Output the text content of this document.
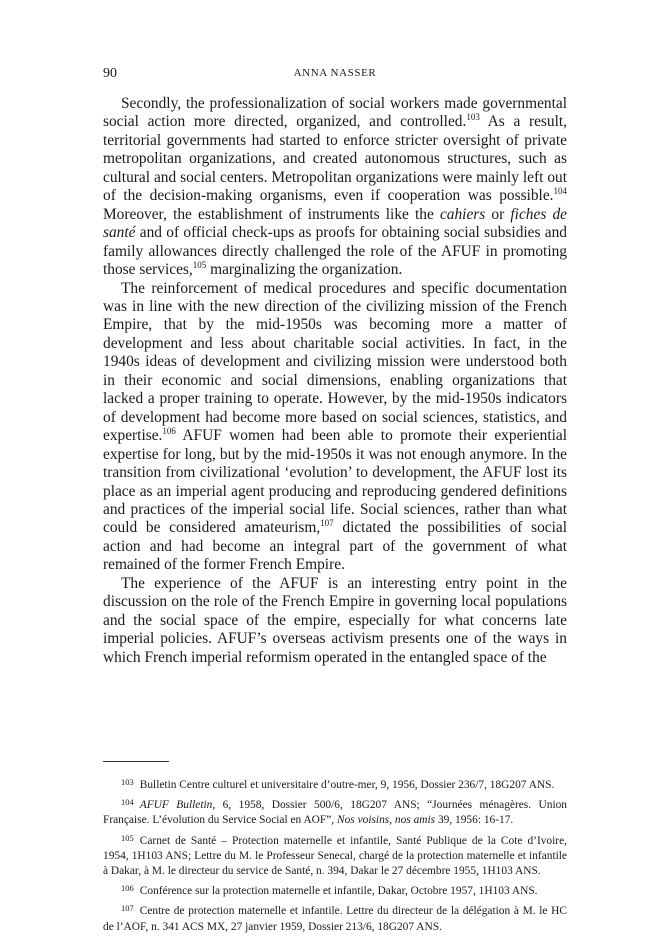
90	ANNA NASSER

Secondly, the professionalization of social workers made governmental social action more directed, organized, and controlled.$^{103}$ As a result, territorial governments had started to enforce stricter oversight of private metropolitan organizations, and created autonomous structures, such as cultural and social centers. Metropolitan organizations were mainly left out of the decision-making organisms, even if cooperation was possible.$^{104}$ Moreover, the establishment of instruments like the cahiers or fiches de santé and of official check-ups as proofs for obtaining social subsidies and family allowances directly challenged the role of the AFUF in promoting those services,$^{105}$ marginalizing the organization.

The reinforcement of medical procedures and specific documentation was in line with the new direction of the civilizing mission of the French Empire, that by the mid-1950s was becoming more a matter of development and less about charitable social activities. In fact, in the 1940s ideas of development and civilizing mission were understood both in their economic and social dimensions, enabling organizations that lacked a proper training to operate. However, by the mid-1950s indicators of development had become more based on social sciences, statistics, and expertise.$^{106}$ AFUF women had been able to promote their experiential expertise for long, but by the mid-1950s it was not enough anymore. In the transition from civilizational ‘evolution’ to development, the AFUF lost its place as an imperial agent producing and reproducing gendered definitions and practices of the imperial social life. Social sciences, rather than what could be considered amateurism,$^{107}$ dictated the possibilities of social action and had become an integral part of the government of what remained of the former French Empire.

The experience of the AFUF is an interesting entry point in the discussion on the role of the French Empire in governing local populations and the social space of the empire, especially for what concerns late imperial policies. AFUF’s overseas activism presents one of the ways in which French imperial reformism operated in the entangled space of the

$^{103}$ Bulletin Centre culturel et universitaire d’outre-mer, 9, 1956, Dossier 236/7, 18G207 ANS.
$^{104}$ AFUF Bulletin, 6, 1958, Dossier 500/6, 18G207 ANS; “Journées ménagères. Union Française. L’évolution du Service Social en AOF”, Nos voisins, nos amis 39, 1956: 16-17.
$^{105}$ Carnet de Santé – Protection maternelle et infantile, Santé Publique de la Cote d’Ivoire, 1954, 1H103 ANS; Lettre du M. le Professeur Senecal, chargé de la protection maternelle et infantile à Dakar, à M. le directeur du service de Santé, n. 394, Dakar le 27 décembre 1955, 1H103 ANS.
$^{106}$ Conférence sur la protection maternelle et infantile, Dakar, Octobre 1957, 1H103 ANS.
$^{107}$ Centre de protection maternelle et infantile. Lettre du directeur de la délégation à M. le HC de l’AOF, n. 341 ACS MX, 27 janvier 1959, Dossier 213/6, 18G207 ANS.
